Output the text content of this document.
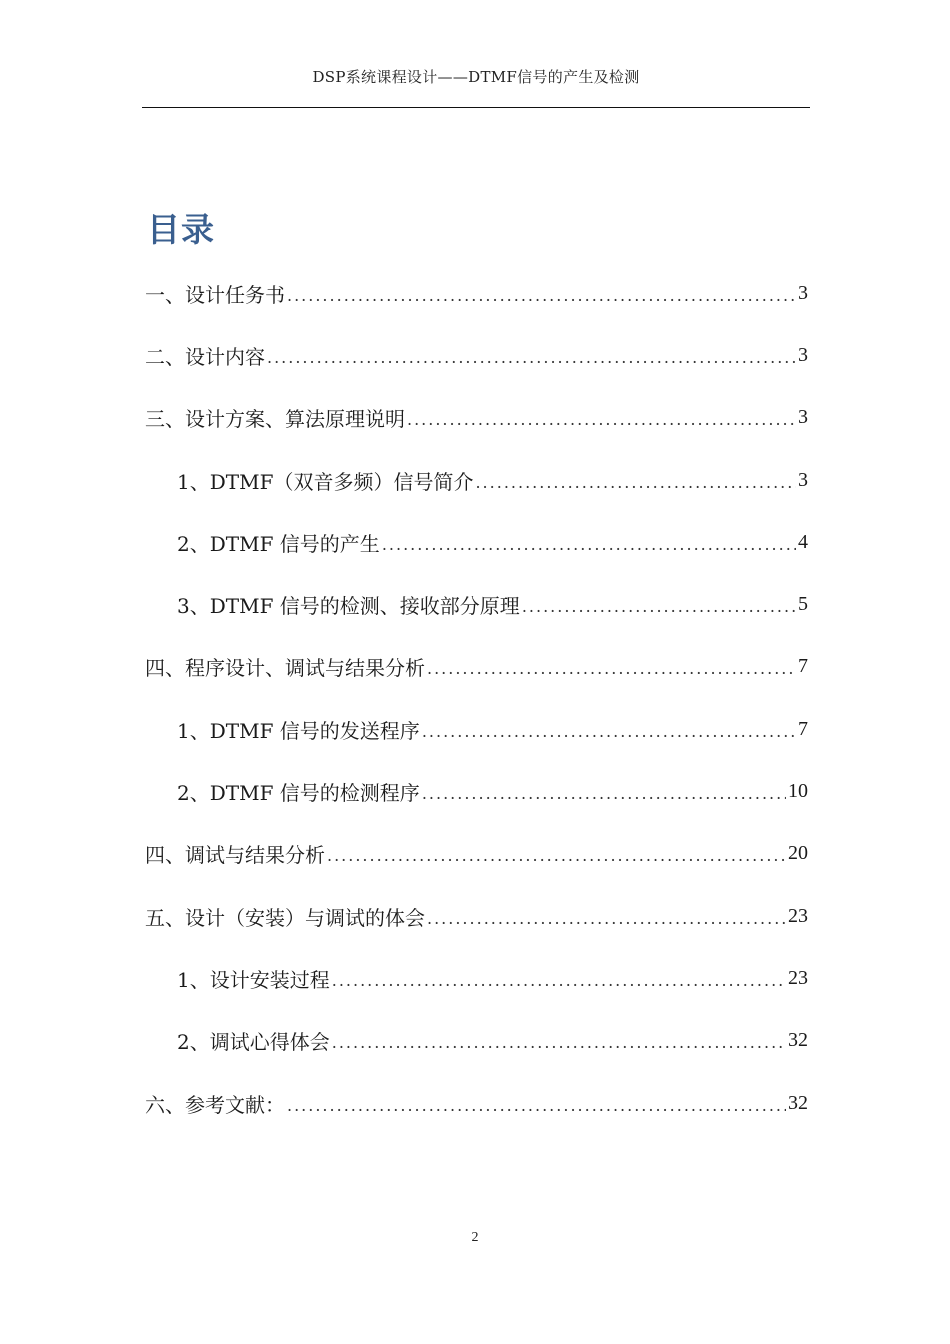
DSP系统课程设计——DTMF信号的产生及检测
目录
一、设计任务书 .....	3
二、设计内容 .....	3
三、设计方案、算法原理说明 .....	3
1、DTMF（双音多频）信号简介 .....	3
2、DTMF 信号的产生 .....	4
3、DTMF 信号的检测、接收部分原理 .....	5
四、程序设计、调试与结果分析 .....	7
1、DTMF 信号的发送程序 .....	7
2、DTMF 信号的检测程序 .....	10
四、调试与结果分析 .....	20
五、设计（安装）与调试的体会 .....	23
1、设计安装过程 .....	23
2、调试心得体会 .....	32
六、参考文献： .....	32
2
